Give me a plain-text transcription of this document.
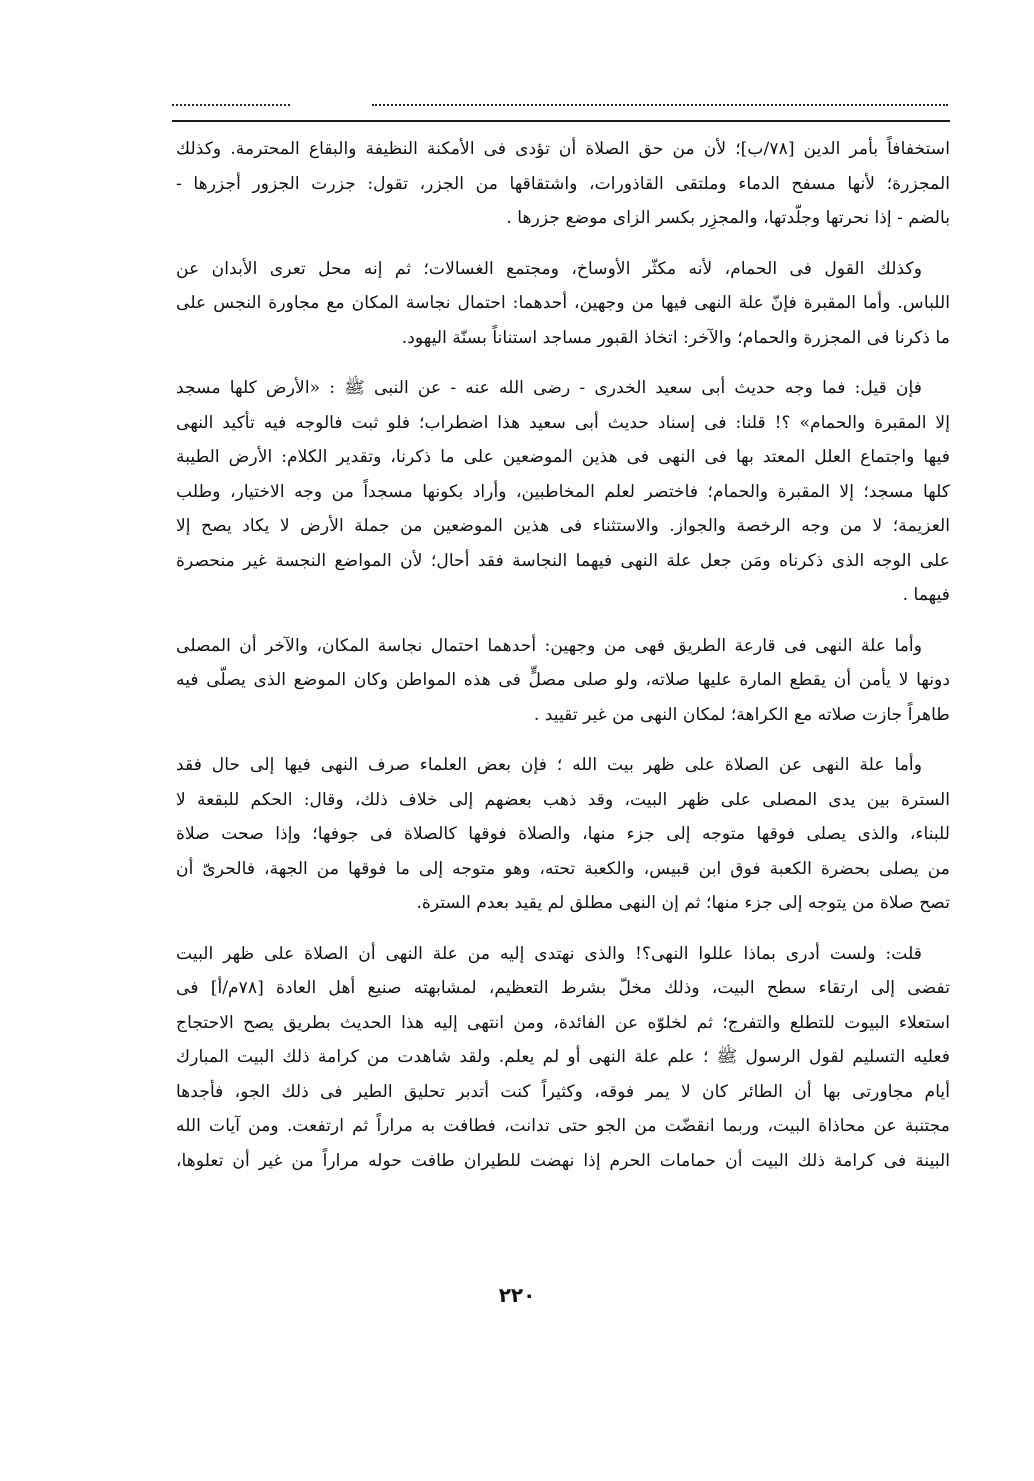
استخفافاً بأمر الدين [٧٨/ب]؛ لأن من حق الصلاة أن تؤدى فى الأمكنة النظيفة والبقاع المحترمة. وكذلك
المجزرة؛ لأنها مسفح الدماء وملتقى القاذورات، واشتقاقها من الجزر، تقول: جزرت الجزور أجزرها -
بالضم - إذا نحرتها وجلّدتها، والمجزِر بكسر الزاى موضع جزرها .
وكذلك القول فى الحمام، لأنه مكثّر الأوساخ، ومجتمع الغسالات؛ ثم إنه محل تعرى الأبدان عن
اللباس. وأما المقبرة فإنّ علة النهى فيها من وجهين، أحدهما: احتمال نجاسة المكان مع مجاورة النجس على
ما ذكرنا فى المجزرة والحمام؛ والآخر: اتخاذ القبور مساجد استناناً بسنّة اليهود.
فإن قيل: فما وجه حديث أبى سعيد الخدرى - رضى الله عنه - عن النبى ﷺ : «الأرض كلها مسجد
إلا المقبرة والحمام» ؟! قلنا: فى إسناد حديث أبى سعيد هذا اضطراب؛ فلو ثبت فالوجه فيه تأكيد النهى
فيها واجتماع العلل المعتد بها فى النهى فى هذين الموضعين على ما ذكرنا، وتقدير الكلام: الأرض الطيبة
كلها مسجد؛ إلا المقبرة والحمام؛ فاختصر لعلم المخاطبين، وأراد بكونها مسجداً من وجه الاختيار، وطلب
العزيمة؛ لا من وجه الرخصة والجواز. والاستثناء فى هذين الموضعين من جملة الأرض لا يكاد يصح إلا
على الوجه الذى ذكرناه ومَن جعل علة النهى فيهما النجاسة فقد أحال؛ لأن المواضع النجسة غير منحصرة
فيهما .
وأما علة النهى فى قارعة الطريق فهى من وجهين: أحدهما احتمال نجاسة المكان، والآخر أن المصلى
دونها لا يأمن أن يقطع المارة عليها صلاته، ولو صلى مصلٍّ فى هذه المواطن وكان الموضع الذى يصلّى فيه
طاهراً جازت صلاته مع الكراهة؛ لمكان النهى من غير تقييد .
وأما علة النهى عن الصلاة على ظهر بيت الله ؛ فإن بعض العلماء صرف النهى فيها إلى حال فقد
السترة بين يدى المصلى على ظهر البيت، وقد ذهب بعضهم إلى خلاف ذلك، وقال: الحكم للبقعة لا
للبناء، والذى يصلى فوقها متوجه إلى جزء منها، والصلاة فوقها كالصلاة فى جوفها؛ وإذا صحت صلاة
من يصلى بحضرة الكعبة فوق ابن قبيس، والكعبة تحته، وهو متوجه إلى ما فوقها من الجهة، فالحرىّ أن
تصح صلاة من يتوجه إلى جزء منها؛ ثم إن النهى مطلق لم يقيد بعدم السترة.
قلت: ولست أدرى بماذا عللوا النهى؟! والذى نهتدى إليه من علة النهى أن الصلاة على ظهر البيت
تفضى إلى ارتقاء سطح البيت، وذلك مخلّ بشرط التعظيم، لمشابهته صنيع أهل العادة [٧٨م/أ] فى
استعلاء البيوت للتطلع والتفرج؛ ثم لخلوّه عن الفائدة، ومن انتهى إليه هذا الحديث بطريق يصح الاحتجاج
فعليه التسليم لقول الرسول ﷺ ؛ علم علة النهى أو لم يعلم. ولقد شاهدت من كرامة ذلك البيت المبارك
أيام مجاورتى بها أن الطائر كان لا يمر فوقه، وكثيراً كنت أتدبر تحليق الطير فى ذلك الجو، فأجدها
مجتنبة عن محاذاة البيت، وربما انقضّت من الجو حتى تدانت، فطافت به مراراً ثم ارتفعت. ومن آيات الله
البينة فى كرامة ذلك البيت أن حمامات الحرم إذا نهضت للطيران طافت حوله مراراً من غير أن تعلوها،
٢٢٠
